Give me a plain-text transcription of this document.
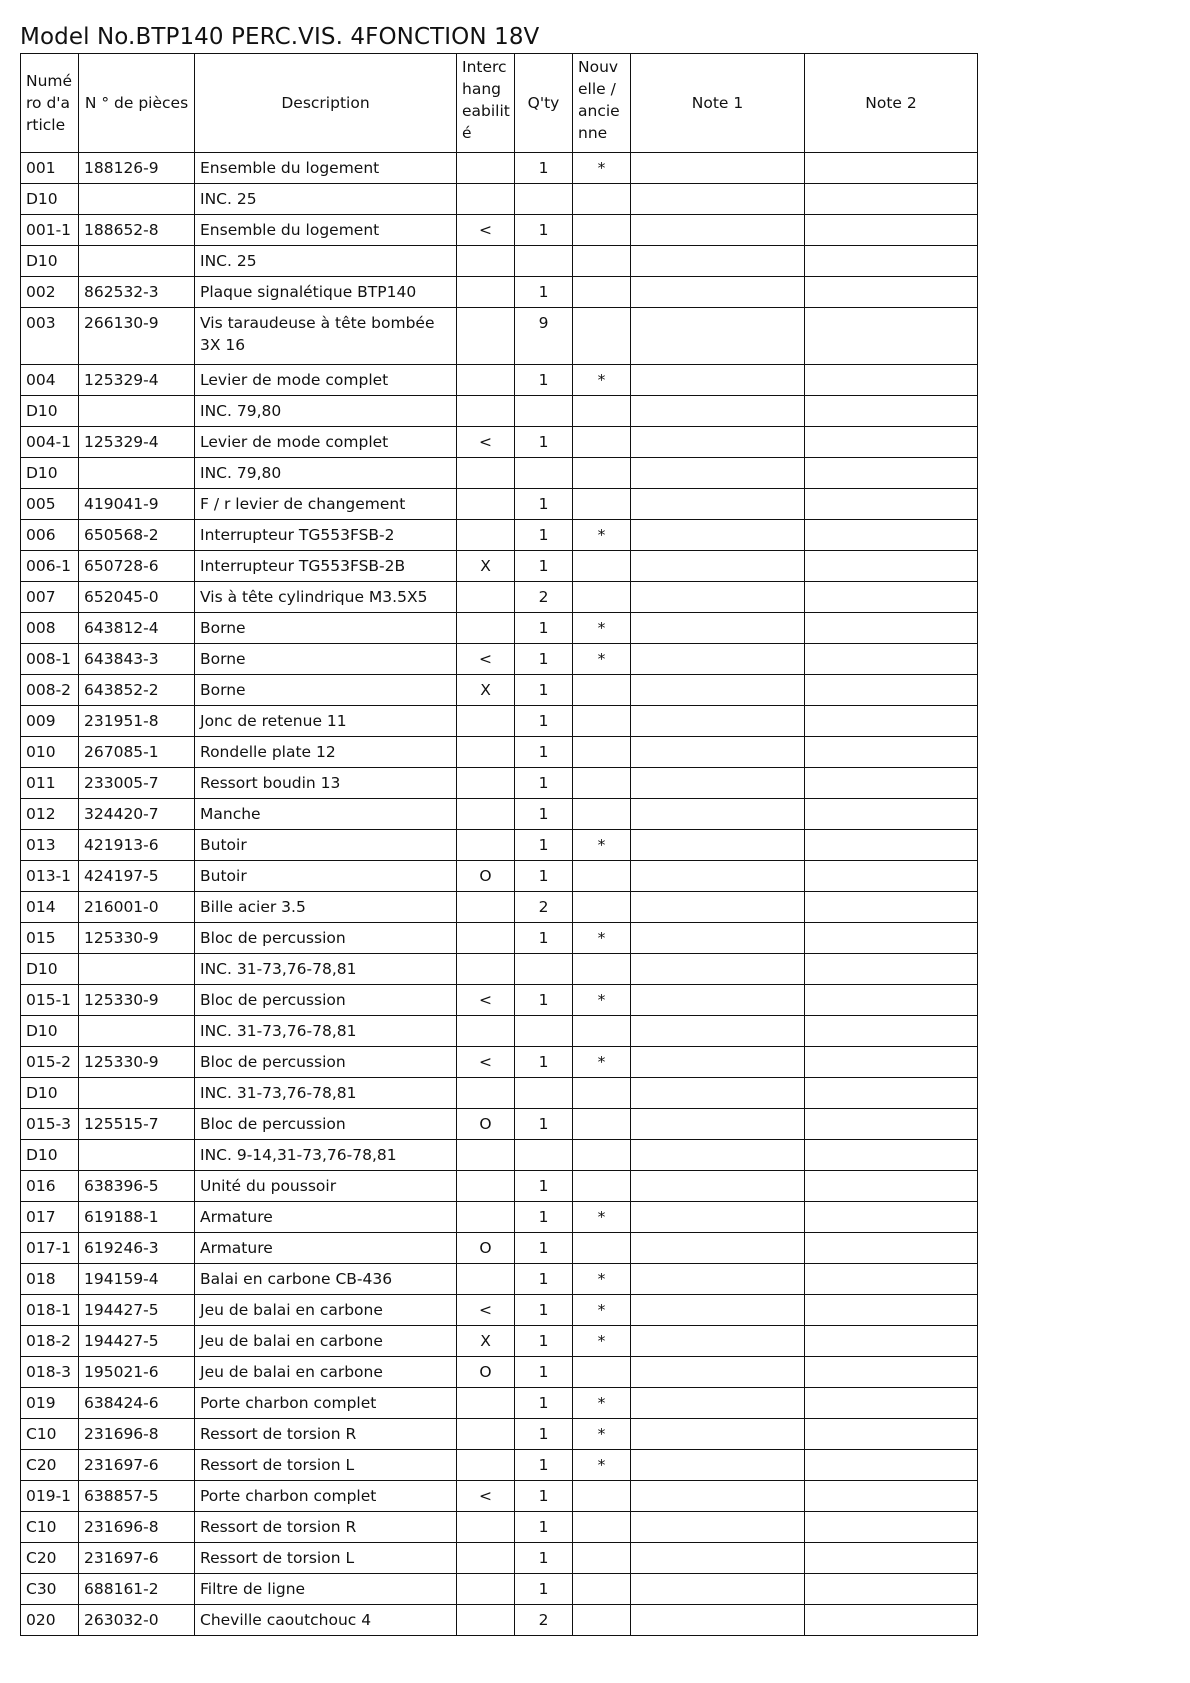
Model No.BTP140 PERC.VIS. 4FONCTION 18V
Numé ro d'a rticle	N ° de pièces	Description	Interc hang eabilit é	Q'ty	Nouv elle / ancie nne	Note 1	Note 2
001	188126-9	Ensemble du logement		1	*		
D10		INC. 25					
001-1	188652-8	Ensemble du logement	<	1			
D10		INC. 25					
002	862532-3	Plaque signalétique BTP140		1			
003	266130-9	Vis taraudeuse à tête bombée 3X 16		9			
004	125329-4	Levier de mode complet		1	*		
D10		INC. 79,80					
004-1	125329-4	Levier de mode complet	<	1			
D10		INC. 79,80					
005	419041-9	F / r levier de changement		1			
006	650568-2	Interrupteur TG553FSB-2		1	*		
006-1	650728-6	Interrupteur TG553FSB-2B	X	1			
007	652045-0	Vis à tête cylindrique M3.5X5		2			
008	643812-4	Borne		1	*		
008-1	643843-3	Borne	<	1	*		
008-2	643852-2	Borne	X	1			
009	231951-8	Jonc de retenue 11		1			
010	267085-1	Rondelle plate 12		1			
011	233005-7	Ressort boudin 13		1			
012	324420-7	Manche		1			
013	421913-6	Butoir		1	*		
013-1	424197-5	Butoir	O	1			
014	216001-0	Bille acier 3.5		2			
015	125330-9	Bloc de percussion		1	*		
D10		INC. 31-73,76-78,81					
015-1	125330-9	Bloc de percussion	<	1	*		
D10		INC. 31-73,76-78,81					
015-2	125330-9	Bloc de percussion	<	1	*		
D10		INC. 31-73,76-78,81					
015-3	125515-7	Bloc de percussion	O	1			
D10		INC. 9-14,31-73,76-78,81					
016	638396-5	Unité du poussoir		1			
017	619188-1	Armature		1	*		
017-1	619246-3	Armature	O	1			
018	194159-4	Balai en carbone CB-436		1	*		
018-1	194427-5	Jeu de balai en carbone	<	1	*		
018-2	194427-5	Jeu de balai en carbone	X	1	*		
018-3	195021-6	Jeu de balai en carbone	O	1			
019	638424-6	Porte charbon complet		1	*		
C10	231696-8	Ressort de torsion R		1	*		
C20	231697-6	Ressort de torsion L		1	*		
019-1	638857-5	Porte charbon complet	<	1			
C10	231696-8	Ressort de torsion R		1			
C20	231697-6	Ressort de torsion L		1			
C30	688161-2	Filtre de ligne		1			
020	263032-0	Cheville caoutchouc 4		2			
